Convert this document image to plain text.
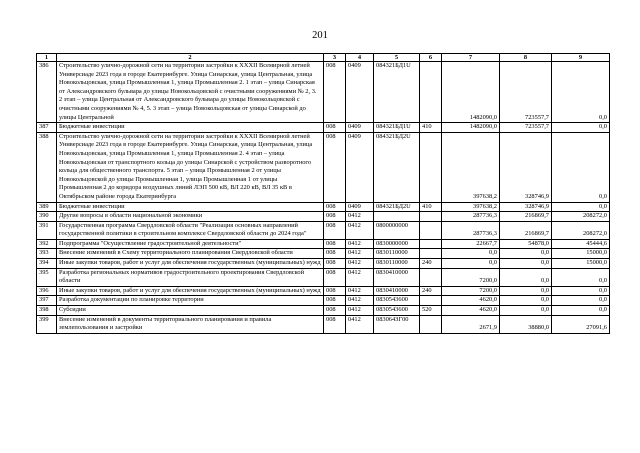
201
1	2	3	4	5	6	7	8	9
386	Строительство улично-дорожной сети на территории застройки к XXXII Всемирной летней Универсиаде 2023 года в городе Екатеринбурге. Улица Синарская, улица Центральная, улица Новокольцовская, улица Промышленная 1, улица Промышленная 2. 1 этап – улица Синарская от Александровского бульвара до улицы Новокольцовской с очистными сооружениями № 2, 3. 2 этап – улица Центральная от Александровского бульвара до улицы Новокольцовской с очистными сооружениями № 4, 5. 3 этап – улица Новокольцовская от улицы Синарской до улицы Центральной	008	0409	084321БД1U		1482090,0	723557,7	0,0
387	Бюджетные инвестиции	008	0409	084321БД1U	410	1482090,0	723557,7	0,0
388	Строительство улично-дорожной сети на территории застройки к XXXII Всемирной летней Универсиаде 2023 года в городе Екатеринбурге. Улица Синарская, улица Центральная, улица Новокольцовская, улица Промышленная 1, улица Промышленная 2. 4 этап – улица Новокольцовская от транспортного кольца до улицы Синарской с устройством разворотного кольца для общественного транспорта. 5 этап – улица Промышленная 2 от улицы Новокольцовской до улицы Промышленная 1, улица Промышленная 1 от улицы Промышленная 2 до коридора воздушных линий ЛЭП 500 кВ, ВЛ 220 кВ, ВЛ 35 кВ в Октябрьском районе города Екатеринбурга	008	0409	084321БД2U		397638,2	328746,9	0,0
389	Бюджетные инвестиции	008	0409	084321БД2U	410	397638,2	328746,9	0,0
390	Другие вопросы в области национальной экономики	008	0412			287736,3	216869,7	208272,0
391	Государственная программа Свердловской области "Реализация основных направлений государственной политики в строительном комплексе Свердловской области до 2024 года"	008	0412	0800000000		287736,3	216869,7	208272,0
392	Подпрограмма "Осуществление градостроительной деятельности"	008	0412	0830000000		22667,7	54878,0	45444,6
393	Внесение изменений в Схему территориального планирования Свердловской области	008	0412	0830110000		0,0	0,0	15000,0
394	Иные закупки товаров, работ и услуг для обеспечения государственных (муниципальных) нужд	008	0412	0830110000	240	0,0	0,0	15000,0
395	Разработка региональных нормативов градостроительного проектирования Свердловской области	008	0412	0830410000		7200,0	0,0	0,0
396	Иные закупки товаров, работ и услуг для обеспечения государственных (муниципальных) нужд	008	0412	0830410000	240	7200,0	0,0	0,0
397	Разработка документации по планировке территории	008	0412	0830543600		4620,0	0,0	0,0
398	Субсидии	008	0412	0830543600	520	4620,0	0,0	0,0
399	Внесение изменений в документы территориального планирования и правила землепользования и застройки	008	0412	083064ЗГ00		2671,9	38880,0	27091,6
